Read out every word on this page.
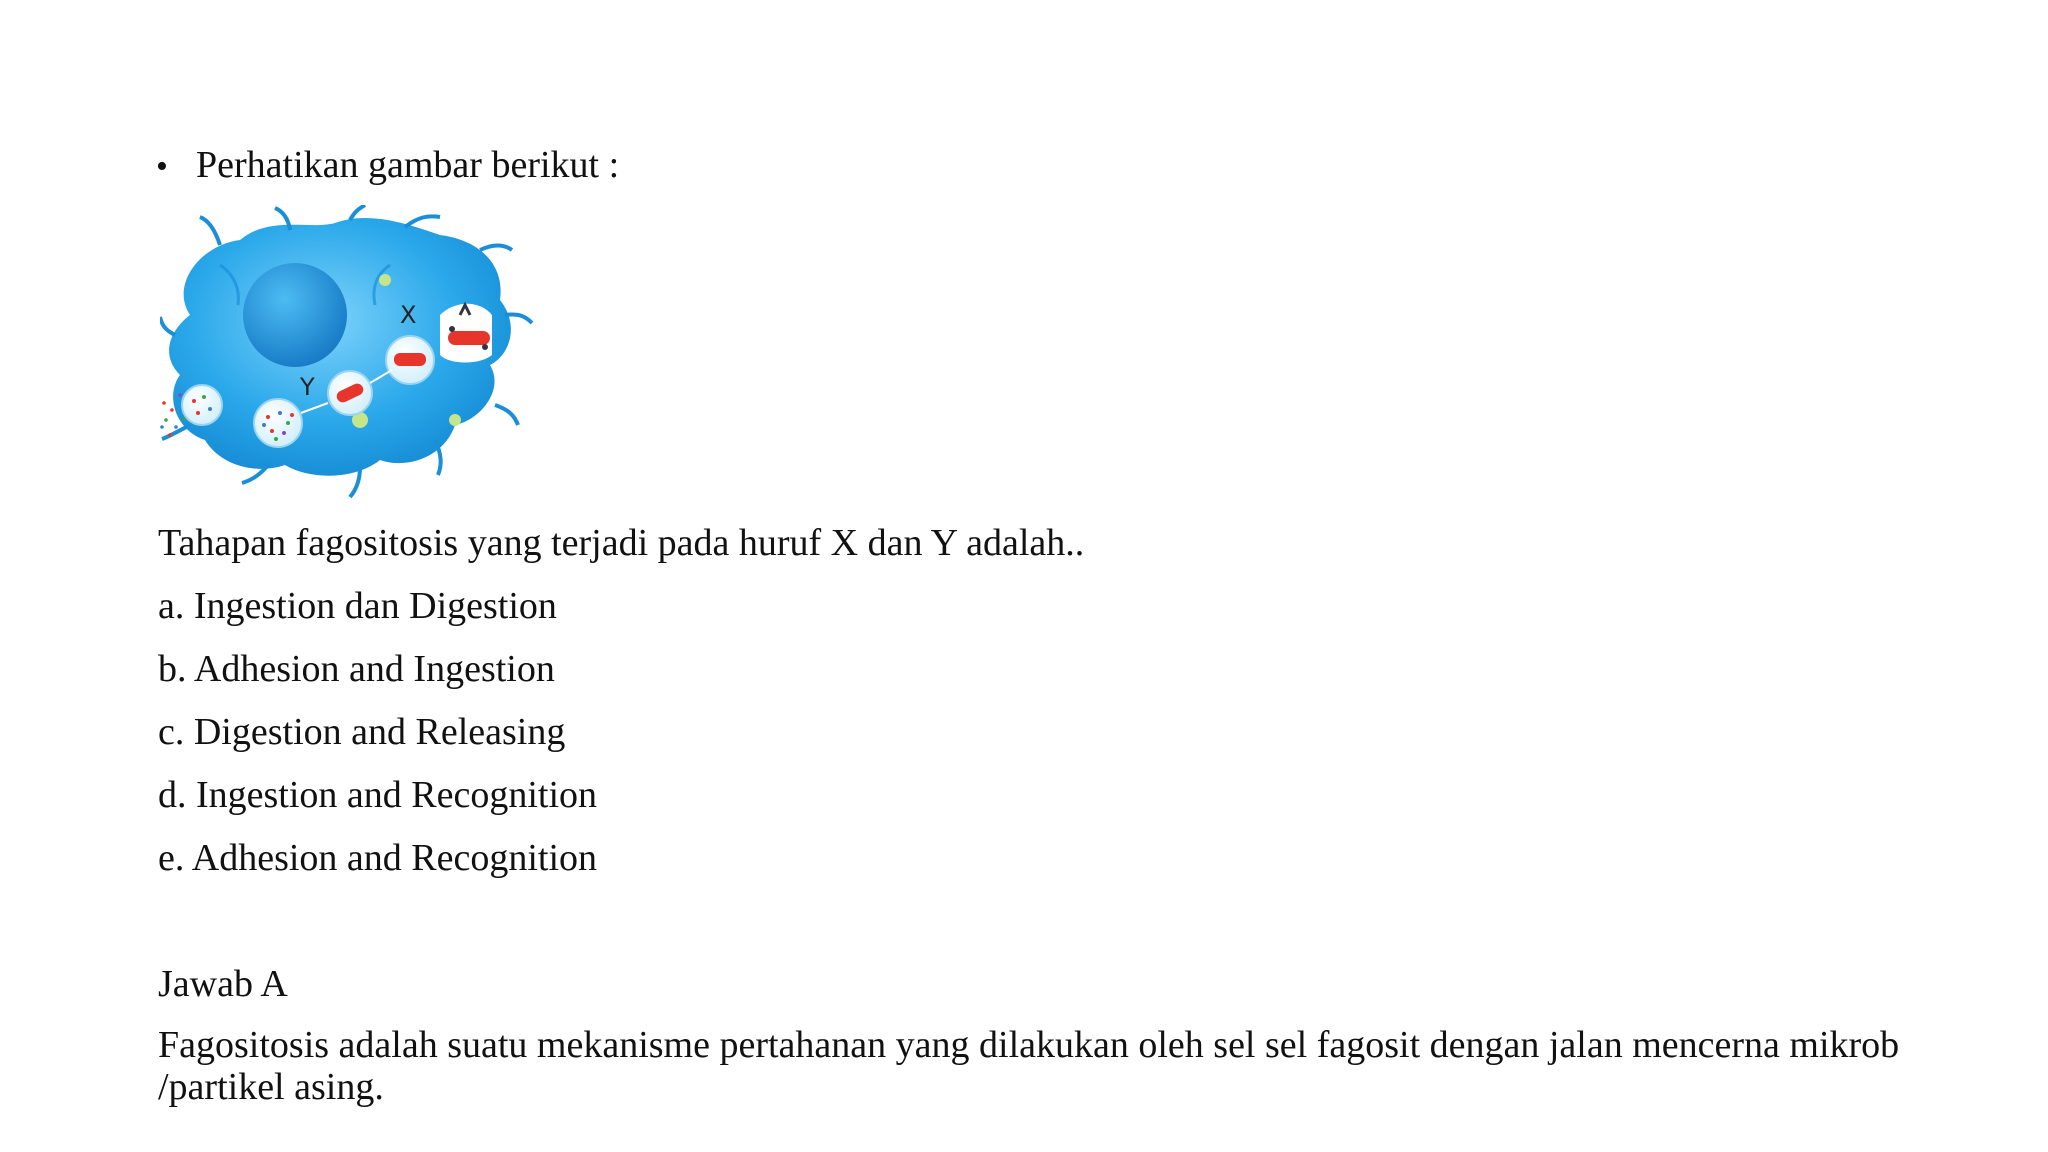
• Perhatikan gambar berikut :
X
Y
Tahapan fagositosis yang terjadi pada huruf X dan Y adalah..
a. Ingestion dan Digestion
b. Adhesion and Ingestion
c. Digestion and Releasing
d. Ingestion and Recognition
e. Adhesion and Recognition
Jawab A
Fagositosis adalah suatu mekanisme pertahanan yang dilakukan oleh sel sel fagosit dengan jalan mencerna mikrob /partikel asing.
